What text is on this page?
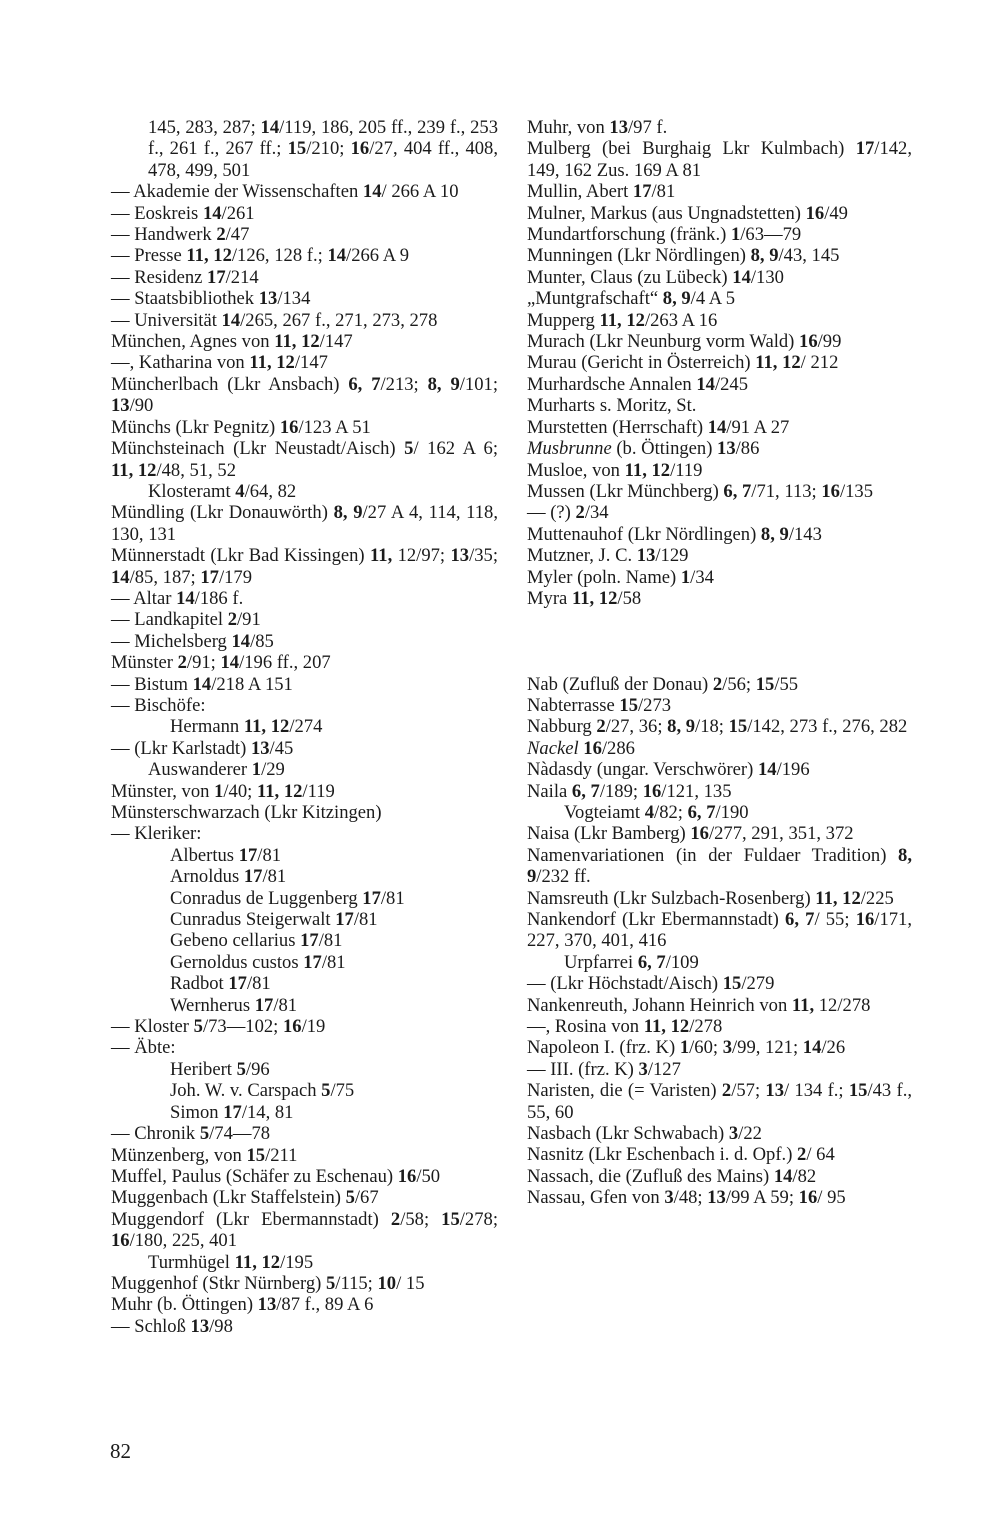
145, 283, 287; 14/119, 186, 205 ff., 239 f., 253 f., 261 f., 267 ff.; 15/210; 16/27, 404 ff., 408, 478, 499, 501
— Akademie der Wissenschaften 14/ 266 A 10
— Eoskreis 14/261
— Handwerk 2/47
— Presse 11, 12/126, 128 f.; 14/266 A 9
— Residenz 17/214
— Staatsbibliothek 13/134
— Universität 14/265, 267 f., 271, 273, 278
München, Agnes von 11, 12/147
—, Katharina von 11, 12/147
Müncherlbach (Lkr Ansbach) 6, 7/213; 8, 9/101; 13/90
Münchs (Lkr Pegnitz) 16/123 A 51
Münchsteinach (Lkr Neustadt/Aisch) 5/ 162 A 6; 11, 12/48, 51, 52
Klosteramt 4/64, 82
Mündling (Lkr Donauwörth) 8, 9/27 A 4, 114, 118, 130, 131
Münnerstadt (Lkr Bad Kissingen) 11, 12/97; 13/35; 14/85, 187; 17/179
— Altar 14/186 f.
— Landkapitel 2/91
— Michelsberg 14/85
Münster 2/91; 14/196 ff., 207
— Bistum 14/218 A 151
— Bischöfe:
Hermann 11, 12/274
— (Lkr Karlstadt) 13/45
Auswanderer 1/29
Münster, von 1/40; 11, 12/119
Münsterschwarzach (Lkr Kitzingen)
— Kleriker:
Albertus 17/81
Arnoldus 17/81
Conradus de Luggenberg 17/81
Cunradus Steigerwalt 17/81
Gebeno cellarius 17/81
Gernoldus custos 17/81
Radbot 17/81
Wernherus 17/81
— Kloster 5/73—102; 16/19
— Äbte:
Heribert 5/96
Joh. W. v. Carspach 5/75
Simon 17/14, 81
— Chronik 5/74—78
Münzenberg, von 15/211
Muffel, Paulus (Schäfer zu Eschenau) 16/50
Muggenbach (Lkr Staffelstein) 5/67
Muggendorf (Lkr Ebermannstadt) 2/58; 15/278; 16/180, 225, 401
Turmhügel 11, 12/195
Muggenhof (Stkr Nürnberg) 5/115; 10/ 15
Muhr (b. Öttingen) 13/87 f., 89 A 6
— Schloß 13/98
Muhr, von 13/97 f.
Mulberg (bei Burghaig Lkr Kulmbach) 17/142, 149, 162 Zus. 169 A 81
Mullin, Abert 17/81
Mulner, Markus (aus Ungnadstetten) 16/49
Mundartforschung (fränk.) 1/63—79
Munningen (Lkr Nördlingen) 8, 9/43, 145
Munter, Claus (zu Lübeck) 14/130
„Muntgrafschaft“ 8, 9/4 A 5
Mupperg 11, 12/263 A 16
Murach (Lkr Neunburg vorm Wald) 16/99
Murau (Gericht in Österreich) 11, 12/ 212
Murhardsche Annalen 14/245
Murharts s. Moritz, St.
Murstetten (Herrschaft) 14/91 A 27
Musbrunne (b. Öttingen) 13/86
Musloe, von 11, 12/119
Mussen (Lkr Münchberg) 6, 7/71, 113; 16/135
— (?) 2/34
Muttenauhof (Lkr Nördlingen) 8, 9/143
Mutzner, J. C. 13/129
Myler (poln. Name) 1/34
Myra 11, 12/58
Nab (Zufluß der Donau) 2/56; 15/55
Nabterrasse 15/273
Nabburg 2/27, 36; 8, 9/18; 15/142, 273 f., 276, 282
Nackel 16/286
Nàdasdy (ungar. Verschwörer) 14/196
Naila 6, 7/189; 16/121, 135
Vogteiamt 4/82; 6, 7/190
Naisa (Lkr Bamberg) 16/277, 291, 351, 372
Namenvariationen (in der Fuldaer Tradition) 8, 9/232 ff.
Namsreuth (Lkr Sulzbach-Rosenberg) 11, 12/225
Nankendorf (Lkr Ebermannstadt) 6, 7/ 55; 16/171, 227, 370, 401, 416
Urpfarrei 6, 7/109
— (Lkr Höchstadt/Aisch) 15/279
Nankenreuth, Johann Heinrich von 11, 12/278
—, Rosina von 11, 12/278
Napoleon I. (frz. K) 1/60; 3/99, 121; 14/26
— III. (frz. K) 3/127
Naristen, die (= Varisten) 2/57; 13/ 134 f.; 15/43 f., 55, 60
Nasbach (Lkr Schwabach) 3/22
Nasnitz (Lkr Eschenbach i. d. Opf.) 2/ 64
Nassach, die (Zufluß des Mains) 14/82
Nassau, Gfen von 3/48; 13/99 A 59; 16/ 95
82
